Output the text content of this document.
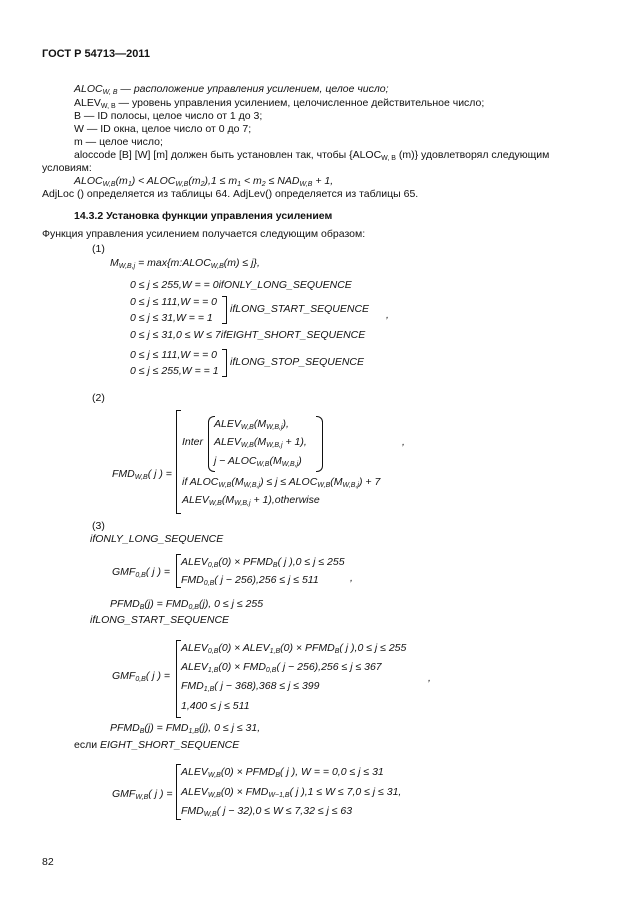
ГОСТ Р 54713—2011
$ALOC_{W, B}$ — расположение управления усилением, целое число;
$ALEV_{W, B}$ — уровень управления усилением, целочисленное действительное число;
B — ID полосы, целое число от 1 до 3;
W — ID окна, целое число от 0 до 7;
m — целое число;
aloccode [B] [W] [m] должен быть установлен так, чтобы {$ALOC_{W, B}$ (m)} удовлетворял следующим
условиям:
$ALOC_{W,B}(m_1)$ < $ALOC_{W,B}(m_2),1 \le m_1 < m_2 \le NAD_{W,B} + 1$,
AdjLoc () определяется из таблицы 64. AdjLev() определяется из таблицы 65.
14.3.2 Установка функции управления усилением
Функция управления усилением получается следующим образом:
(1)
$M_{W,B,j}$ = $\max\{m:ALOC_{W,B}(m) \le j\}$,
0 ≤ j ≤ 255,W = = 0ifONLY_LONG_SEQUENCE
0 ≤ j ≤ 111,W = = 0
0 ≤ j ≤ 31,W = = 1
ifLONG_START_SEQUENCE ,
0 ≤ j ≤ 31,0 ≤ W ≤ 7ifEIGHT_SHORT_SEQUENCE
0 ≤ j ≤ 111,W = = 0
0 ≤ j ≤ 255,W = = 1
ifLONG_STOP_SEQUENCE
(2)
$FMD_{W,B}$( j ) =
Inter
$ALEV_{W,B}(M_{W,B,j})$,
$ALEV_{W,B}(M_{W,B,j} + 1)$,
$j - ALOC_{W,B}(M_{W,B,j})$
,
if $ALOC_{W,B}(M_{W,B,j}) \le j$ ≤ $ALOC_{W,B}(M_{W,B,j}) + 7$
$ALEV_{W,B}(M_{W,B,j}$ + 1),otherwise
(3)
ifONLY_LONG_SEQUENCE
$GMF_{0,B}$( j ) =
$ALEV_{0,B}(0)$ × $PFMD_B$( j ),0 ≤ j ≤ 255
$FMD_{0,B}$( j − 256),256 ≤ j ≤ 511	,
$PFMD_B(j) = FMD_{0,B}(j)$, 0 ≤ j ≤ 255
ifLONG_START_SEQUENCE
$GMF_{0,B}$( j ) =
$ALEV_{0,B}(0)$ × $ALEV_{1,B}(0)$ × $PFMD_B$( j ),0 ≤ j ≤ 255
$ALEV_{1,B}(0) \times FMD_{0,B}$( j − 256),256 ≤ j ≤ 367
$FMD_{1,B}$( j − 368),368 ≤ j ≤ 399
1,400 ≤ j ≤ 511
,
$PFMD_B(j) = FMD_{1,B}(j)$, 0 ≤ j ≤ 31,
если EIGHT_SHORT_SEQUENCE
$GMF_{W,B}$( j ) =
$ALEV_{W,B}(0)$ × $PFMD_B$( j ), W = = 0,0 ≤ j ≤ 31
$ALEV_{W,B}(0) \times FMD_{W-1,B}$( j ),1 ≤ W ≤ 7,0 ≤ j ≤ 31,
$FMD_{W,B}$( j − 32),0 ≤ W ≤ 7,32 ≤ j ≤ 63
82
